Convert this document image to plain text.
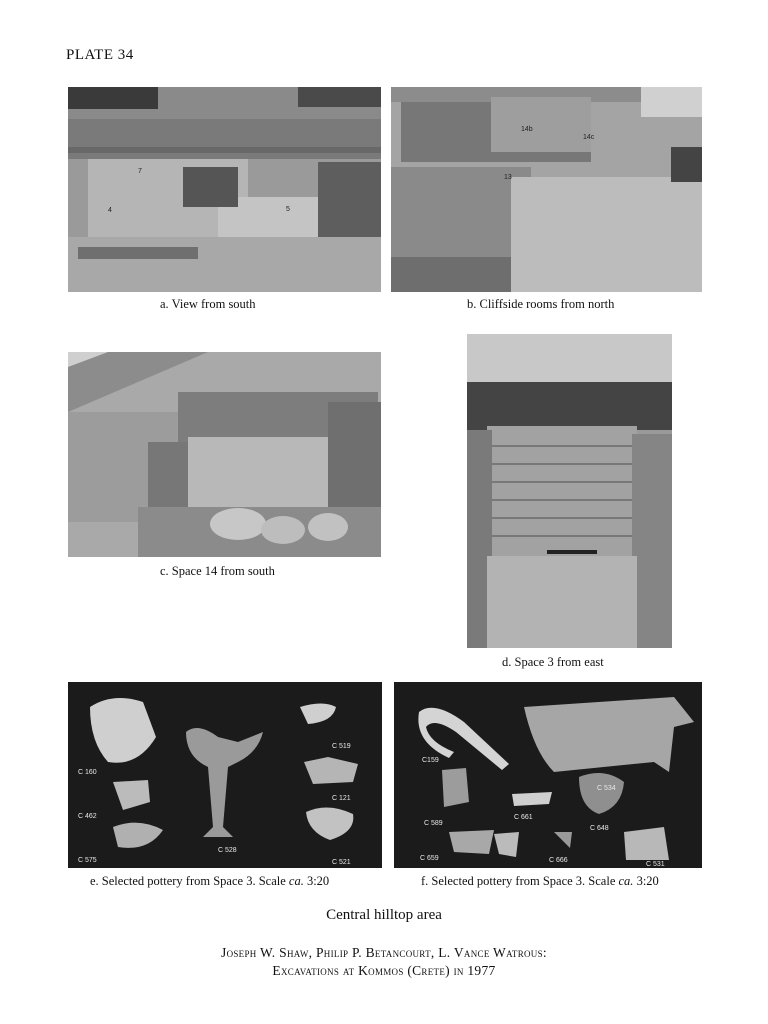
PLATE 34
7
4	5
a. View from south
14b
14c
13
b. Cliffside rooms from north
c. Space 14 from south
d. Space 3 from east
C 160
C 462
C 575
C 528
C 519
C 121
C 521
e. Selected pottery from Space 3. Scale ca. 3:20
C159
C 534
C 589
C 661
C 648
C 659	C 666
C 531
f. Selected pottery from Space 3. Scale ca. 3:20
Central hilltop area
Joseph W. Shaw, Philip P. Betancourt, L. Vance Watrous:
Excavations at Kommos (Crete) in 1977
